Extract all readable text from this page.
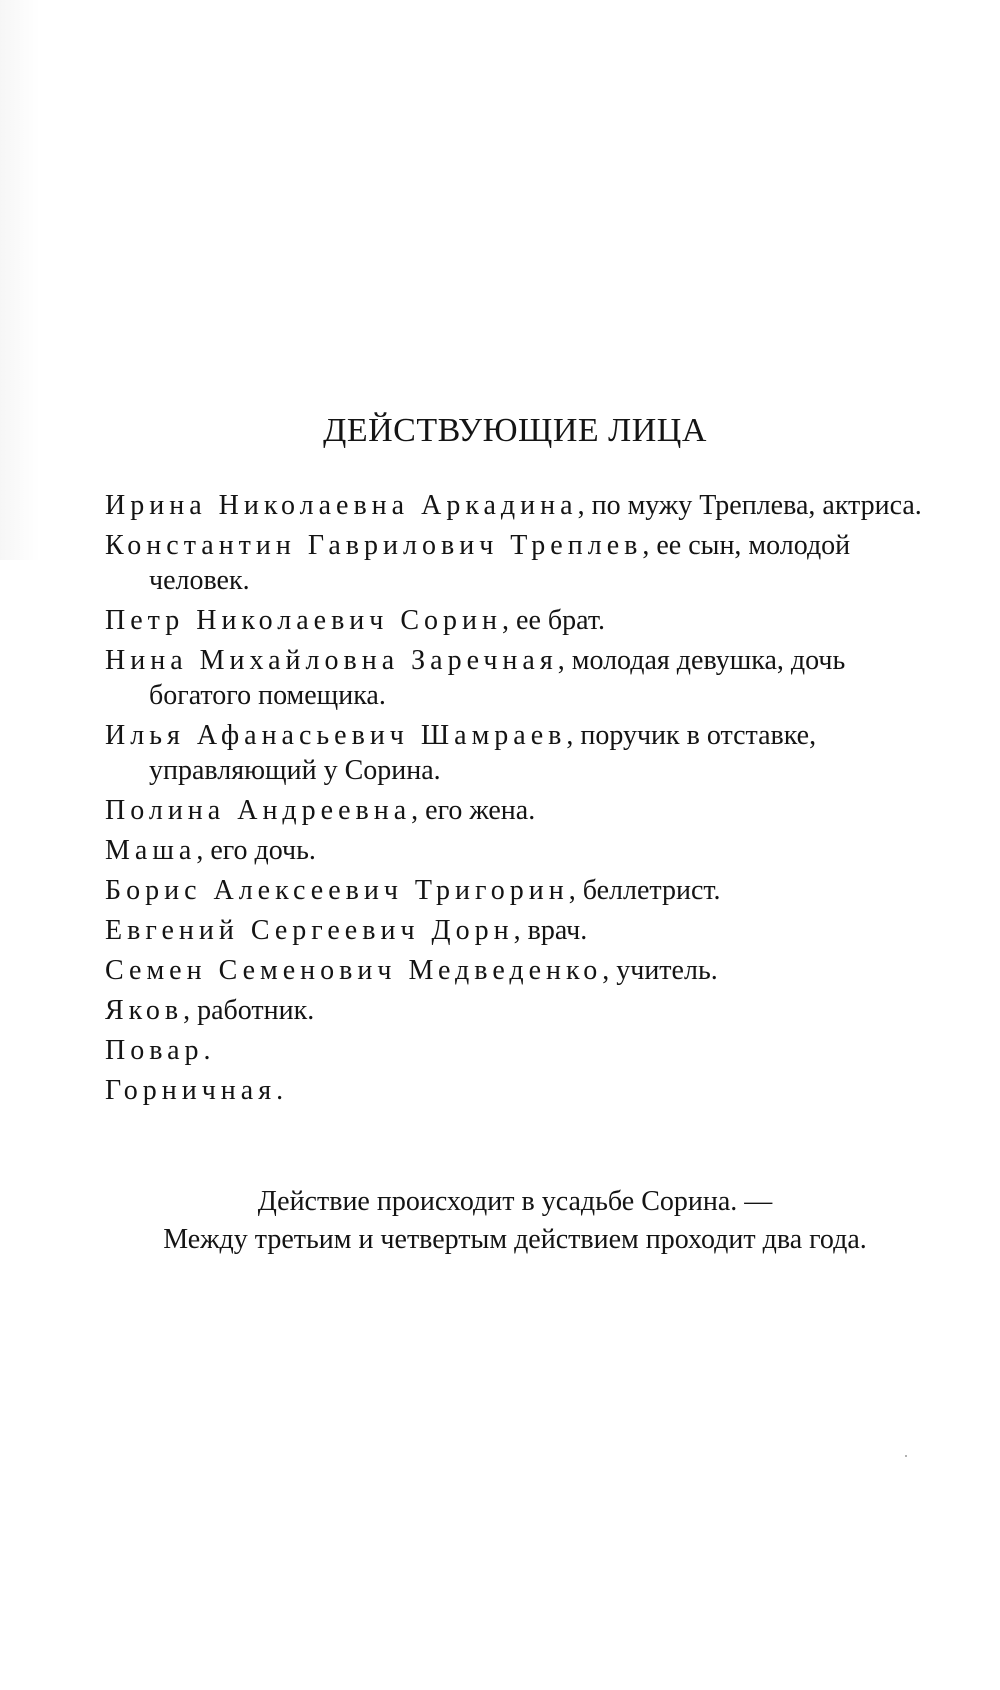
ДЕЙСТВУЮЩИЕ ЛИЦА
Ирина Николаевна Аркадина, по мужу Треплева, актриса.
Константин Гаврилович Треплев, ее сын, молодой человек.
Петр Николаевич Сорин, ее брат.
Нина Михайловна Заречная, молодая девушка, дочь богатого помещика.
Илья Афанасьевич Шамраев, поручик в отставке, управляющий у Сорина.
Полина Андреевна, его жена.
Маша, его дочь.
Борис Алексеевич Тригорин, беллетрист.
Евгений Сергеевич Дорн, врач.
Семен Семенович Медведенко, учитель.
Яков, работник.
Повар.
Горничная.

Действие происходит в усадьбе Сорина. —

Между третьим и четвертым действием проходит два года.
